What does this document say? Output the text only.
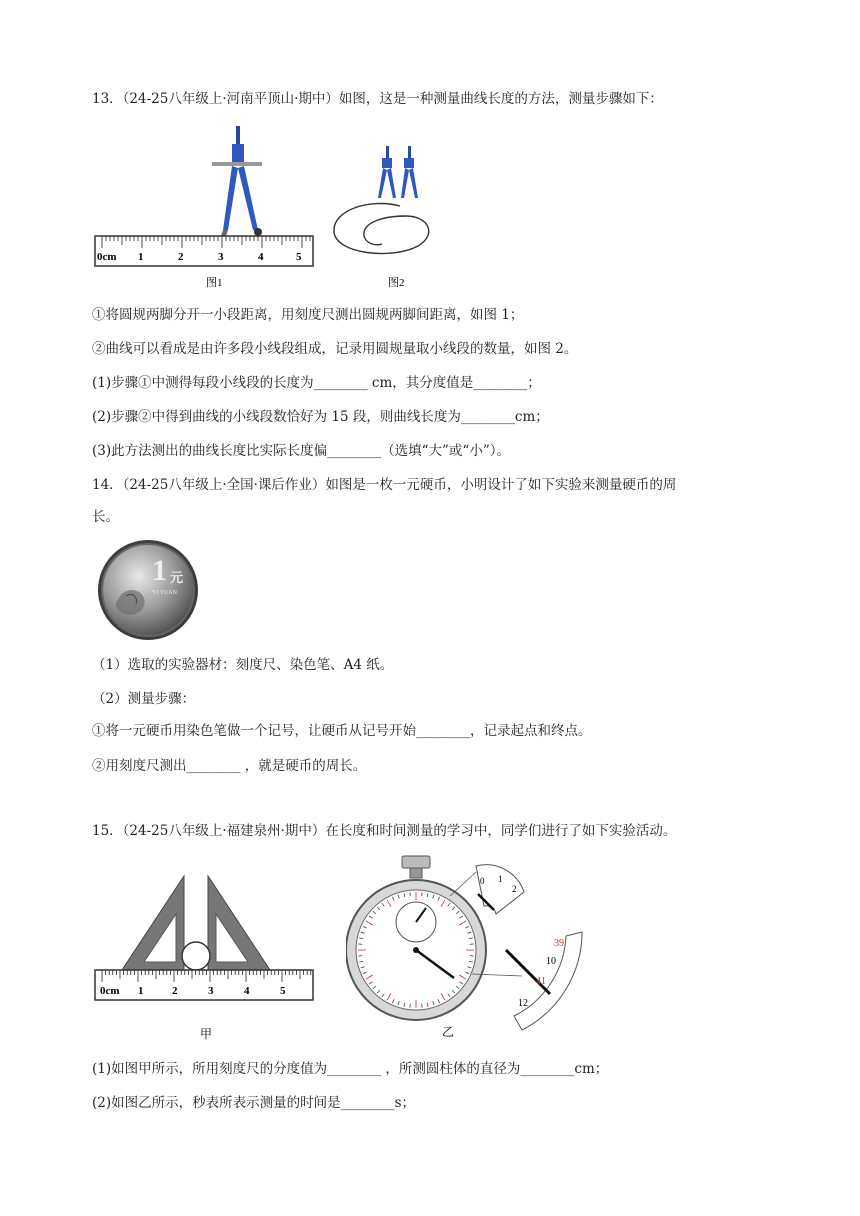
13．（24-25八年级上·河南平顶山·期中）如图，这是一种测量曲线长度的方法，测量步骤如下：
0cm 1	2	3	4	5
图1	图2
①将圆规两脚分开一小段距离，用刻度尺测出圆规两脚间距离，如图 1；
②曲线可以看成是由许多段小线段组成，记录用圆规量取小线段的数量，如图 2。
(1)步骤①中测得每段小线段的长度为________ cm，其分度值是________；
(2)步骤②中得到曲线的小线段数恰好为 15 段，则曲线长度为________cm；
(3)此方法测出的曲线长度比实际长度偏________（选填“大”或“小”）。
14．（24-25八年级上·全国·课后作业）如图是一枚一元硬币，小明设计了如下实验来测量硬币的周
长。
1 元
YI YUAN
（1）选取的实验器材：刻度尺、染色笔、A4 纸。
（2）测量步骤：
①将一元硬币用染色笔做一个记号，让硬币从记号开始________，记录起点和终点。
②用刻度尺测出________ ，就是硬币的周长。
15．（24-25八年级上·福建泉州·期中）在长度和时间测量的学习中，同学们进行了如下实验活动。
0cm 1	2	3	4	5
甲
0 1
2
39
10
41
12
乙
(1)如图甲所示，所用刻度尺的分度值为________ ，所测圆柱体的直径为________cm；
(2)如图乙所示，秒表所表示测量的时间是________s；
